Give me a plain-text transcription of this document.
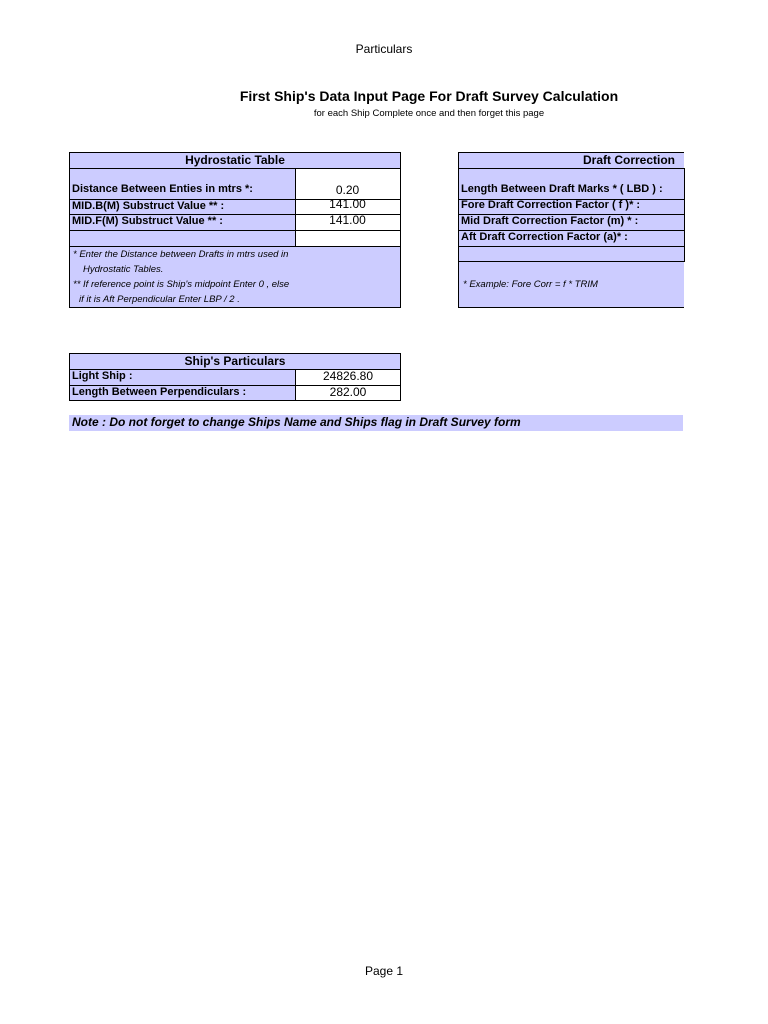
Particulars
First Ship's Data Input Page For Draft Survey Calculation
for each Ship Complete once and then forget this page
Hydrostatic Table
Distance Between Enties in mtrs *:	0.20
MID.B(M) Substruct Value ** :	141.00
MID.F(M) Substruct Value ** :	141.00
* Enter the Distance between Drafts in mtrs used in
Hydrostatic Tables.
** If reference point is Ship's midpoint Enter 0 , else
if it is Aft Perpendicular Enter LBP / 2 .
Draft Correction
Length Between Draft Marks * ( LBD ) :
Fore Draft Correction Factor ( f )* :
Mid Draft Correction Factor (m) * :
Aft Draft Correction Factor (a)* :
* Example: Fore Corr = f * TRIM
Ship's Particulars
Light Ship :	24826.80
Length Between Perpendiculars :	282.00
Note : Do not forget to change Ships Name and Ships flag in Draft Survey form
Page 1
